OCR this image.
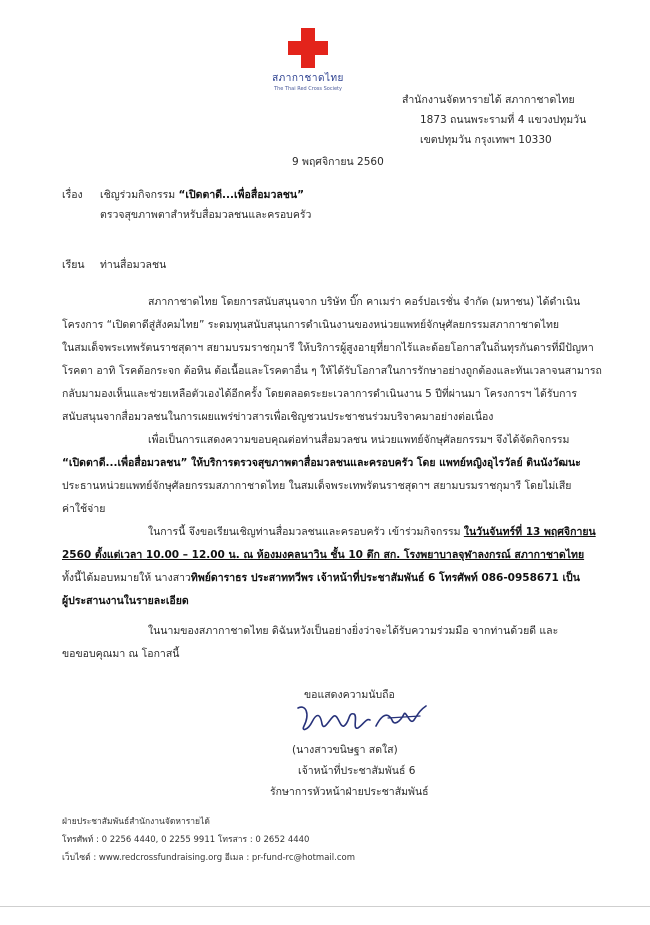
สภากาชาดไทย
The Thai Red Cross Society
สำนักงานจัดหารายได้ สภากาชาดไทย
1873 ถนนพระรามที่ 4 แขวงปทุมวัน
เขตปทุมวัน กรุงเทพฯ 10330
9 พฤศจิกายน 2560
เรื่อง เชิญร่วมกิจกรรม “เปิดตาดี...เพื่อสื่อมวลชน”
ตรวจสุขภาพตาสำหรับสื่อมวลชนและครอบครัว
เรียน ท่านสื่อมวลชน
สภากาชาดไทย โดยการสนับสนุนจาก บริษัท บิ๊ก คาเมร่า คอร์ปอเรชั่น จำกัด (มหาชน) ได้ดำเนิน
โครงการ “เปิดตาดีสู่สังคมไทย” ระดมทุนสนับสนุนการดำเนินงานของหน่วยแพทย์จักษุศัลยกรรมสภากาชาดไทย
ในสมเด็จพระเทพรัตนราชสุดาฯ สยามบรมราชกุมารี ให้บริการผู้สูงอายุที่ยากไร้และด้อยโอกาสในถิ่นทุรกันดารที่มีปัญหา
โรคตา อาทิ โรคต้อกระจก ต้อหิน ต้อเนื้อและโรคตาอื่น ๆ ให้ได้รับโอกาสในการรักษาอย่างถูกต้องและทันเวลาจนสามารถ
กลับมามองเห็นและช่วยเหลือตัวเองได้อีกครั้ง โดยตลอดระยะเวลาการดำเนินงาน 5 ปีที่ผ่านมา โครงการฯ ได้รับการ
สนับสนุนจากสื่อมวลชนในการเผยแพร่ข่าวสารเพื่อเชิญชวนประชาชนร่วมบริจาคมาอย่างต่อเนื่อง
เพื่อเป็นการแสดงความขอบคุณต่อท่านสื่อมวลชน หน่วยแพทย์จักษุศัลยกรรมฯ จึงได้จัดกิจกรรม
“เปิดตาดี...เพื่อสื่อมวลชน” ให้บริการตรวจสุขภาพตาสื่อมวลชนและครอบครัว โดย แพทย์หญิงอุไรวัลย์ ตินนังวัฒนะ
ประธานหน่วยแพทย์จักษุศัลยกรรมสภากาชาดไทย ในสมเด็จพระเทพรัตนราชสุดาฯ สยามบรมราชกุมารี โดยไม่เสีย
ค่าใช้จ่าย
ในการนี้ จึงขอเรียนเชิญท่านสื่อมวลชนและครอบครัว เข้าร่วมกิจกรรม ในวันจันทร์ที่ 13 พฤศจิกายน
2560 ตั้งแต่เวลา 10.00 – 12.00 น. ณ ห้องมงคลนาวิน ชั้น 10 ตึก สก. โรงพยาบาลจุฬาลงกรณ์ สภากาชาดไทย
ทั้งนี้ได้มอบหมายให้ นางสาวทิพย์ดาราธร ประสาททวีพร เจ้าหน้าที่ประชาสัมพันธ์ 6 โทรศัพท์ 086-0958671 เป็น
ผู้ประสานงานในรายละเอียด
ในนามของสภากาชาดไทย ดิฉันหวังเป็นอย่างยิ่งว่าจะได้รับความร่วมมือ จากท่านด้วยดี และ
ขอขอบคุณมา ณ โอกาสนี้
ขอแสดงความนับถือ
(นางสาวขนิษฐา สดใส)
เจ้าหน้าที่ประชาสัมพันธ์ 6
รักษาการหัวหน้าฝ่ายประชาสัมพันธ์
ฝ่ายประชาสัมพันธ์สำนักงานจัดหารายได้
โทรศัพท์ : 0 2256 4440, 0 2255 9911 โทรสาร : 0 2652 4440
เว็บไซต์ : www.redcrossfundraising.org อีเมล : pr-fund-rc@hotmail.com
